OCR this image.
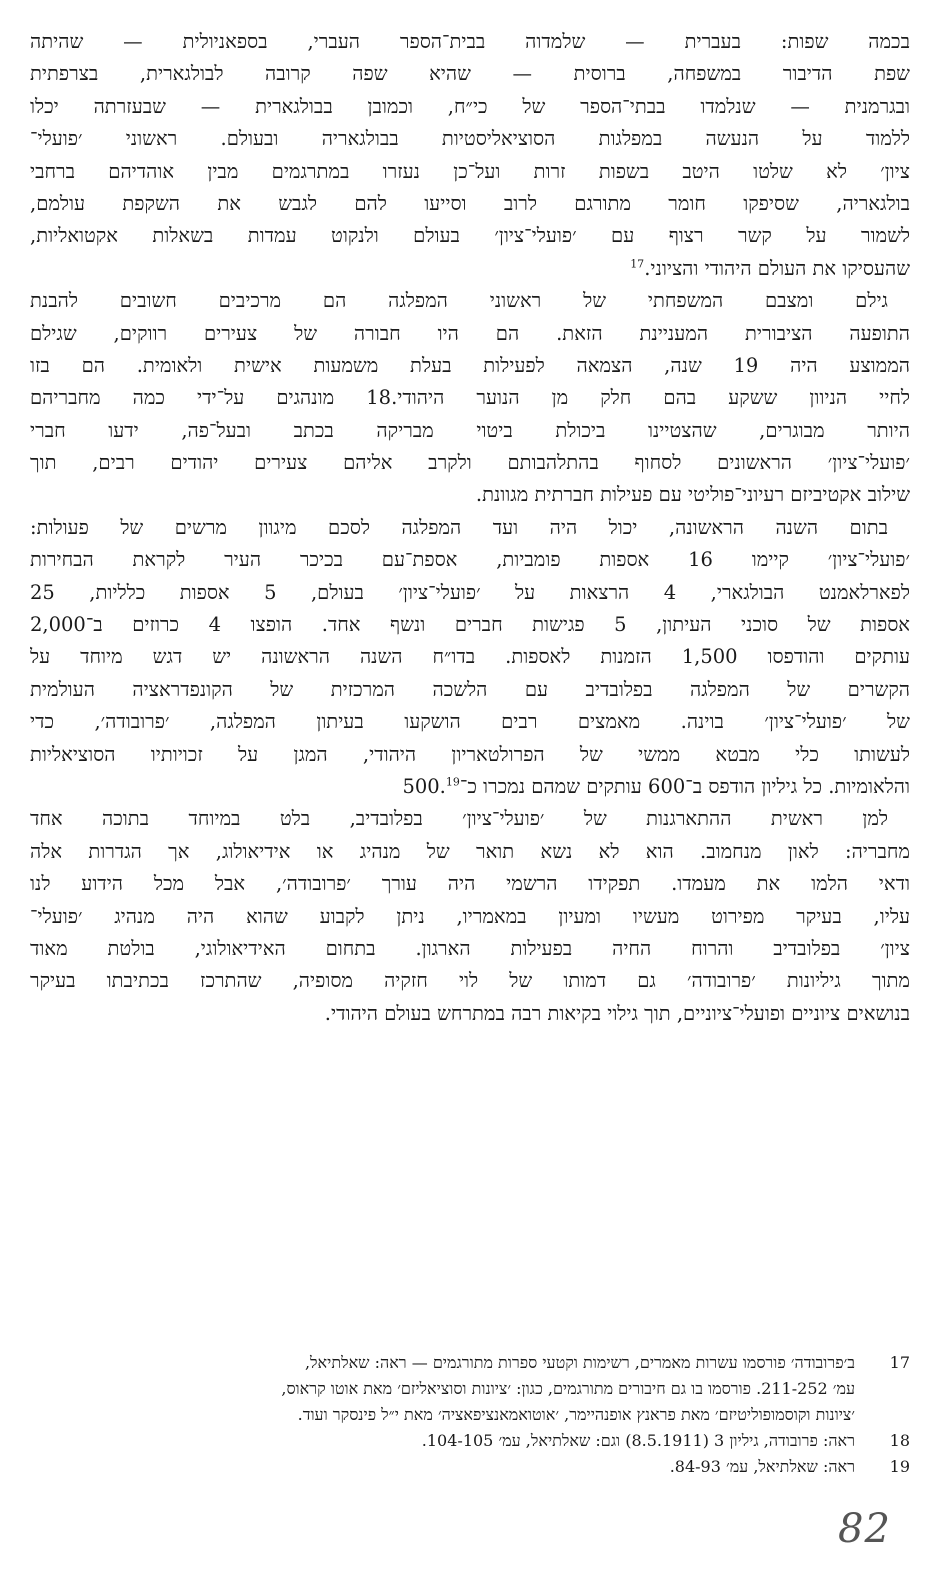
בכמה שפות: בעברית — שלמדוה בבית־הספר העברי, בספאניולית — שהיתה
שפת הדיבור במשפחה, ברוסית — שהיא שפה קרובה לבולגארית, בצרפתית
ובגרמנית — שנלמדו בבתי־הספר של כי״ח, וכמובן בבולגארית — שבעזרתה יכלו
ללמוד על הנעשה במפלגות הסוציאליסטיות בבולגאריה ובעולם. ראשוני ׳פועלי־
ציון׳ לא שלטו היטב בשפות זרות ועל־כן נעזרו במתרגמים מבין אוהדיהם ברחבי
בולגאריה, שסיפקו חומר מתורגם לרוב וסייעו להם לגבש את השקפת עולמם,
לשמור על קשר רצוף עם ׳פועלי־ציון׳ בעולם ולנקוט עמדות בשאלות אקטואליות,
שהעסיקו את העולם היהודי והציוני.$^{17}$
גילם ומצבם המשפחתי של ראשוני המפלגה הם מרכיבים חשובים להבנת
התופעה הציבורית המעניינת הזאת. הם היו חבורה של צעירים רווקים, שגילם
הממוצע היה 19 שנה, הצמאה לפעילות בעלת משמעות אישית ולאומית. הם בזו
לחיי הניוון ששקע בהם חלק מן הנוער היהודי.18 מונהגים על־ידי כמה מחבריהם
היותר מבוגרים, שהצטיינו ביכולת ביטוי מבריקה בכתב ובעל־פה, ידעו חברי
׳פועלי־ציון׳ הראשונים לסחוף בהתלהבותם ולקרב אליהם צעירים יהודים רבים, תוך
שילוב אקטיביזם רעיוני־פוליטי עם פעילות חברתית מגוונת.
בתום השנה הראשונה, יכול היה ועד המפלגה לסכם מיגוון מרשים של פעולות:
׳פועלי־ציון׳ קיימו 16 אספות פומביות, אספת־עם בכיכר העיר לקראת הבחירות
לפארלאמנט הבולגארי, 4 הרצאות על ׳פועלי־ציון׳ בעולם, 5 אספות כלליות, 25
אספות של סוכני העיתון, 5 פגישות חברים ונשף אחד. הופצו 4 כרוזים ב־2,000
עותקים והודפסו 1,500 הזמנות לאספות. בדו״ח השנה הראשונה יש דגש מיוחד על
הקשרים של המפלגה בפלובדיב עם הלשכה המרכזית של הקונפדראציה העולמית
של ׳פועלי־ציון׳ בוינה. מאמצים רבים הושקעו בעיתון המפלגה, ׳פרובודה׳, כדי
לעשותו כלי מבטא ממשי של הפרולטאריון היהודי, המגן על זכויותיו הסוציאליות
והלאומיות. כל גיליון הודפס ב־600 עותקים שמהם נמכרו כ־500.19
למן ראשית ההתארגנות של ׳פועלי־ציון׳ בפלובדיב, בלט במיוחד בתוכה אחד
מחבריה: לאון מנחמוב. הוא לא נשא תואר של מנהיג או אידיאולוג, אך הגדרות אלה
ודאי הלמו את מעמדו. תפקידו הרשמי היה עורך ׳פרובודה׳, אבל מכל הידוע לנו
עליו, בעיקר מפירוט מעשיו ומעיון במאמריו, ניתן לקבוע שהוא היה מנהיג ׳פועלי־
ציון׳ בפלובדיב והרוח החיה בפעילות הארגון. בתחום האידיאולוגי, בולטת מאוד
מתוך גיליונות ׳פרובודה׳ גם דמותו של לוי חזקיה מסופיה, שהתרכז בכתיבתו בעיקר
בנושאים ציוניים ופועלי־ציוניים, תוך גילוי בקיאות רבה במתרחש בעולם היהודי.
17
ב׳פרובודה׳ פורסמו עשרות מאמרים, רשימות וקטעי ספרות מתורגמים — ראה: שאלתיאל,
עמ׳ 211-252. פורסמו בו גם חיבורים מתורגמים, כגון: ׳ציונות וסוציאליזם׳ מאת אוטו קראוס,
׳ציונות וקוסמופוליטיזם׳ מאת פראנץ אופנהיימר, ׳אוטואמאנציפאציה׳ מאת י״ל פינסקר ועוד.
18
ראה: פרובודה, גיליון 3 (8.5.1911) וגם: שאלתיאל, עמ׳ 104-105.
19
ראה: שאלתיאל, עמ׳ 84-93.
82
